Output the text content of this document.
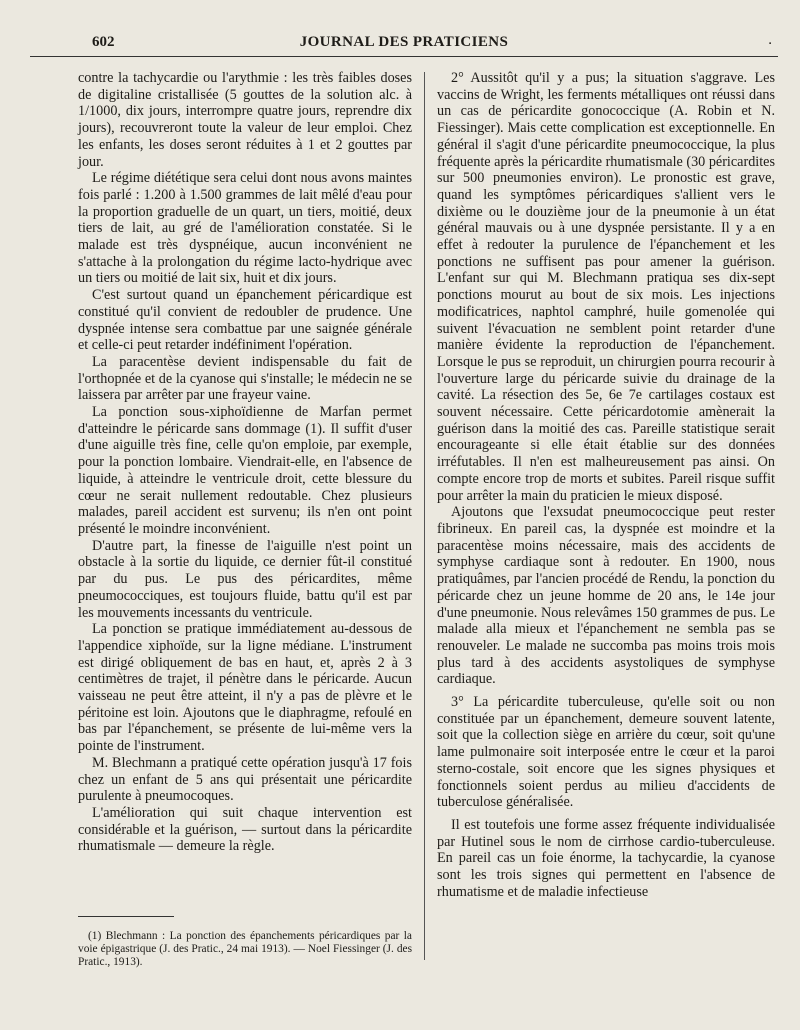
602	JOURNAL DES PRATICIENS	.

contre la tachycardie ou l'arythmie : les très faibles doses de digitaline cristallisée (5 gouttes de la solution alc. à 1/1000, dix jours, interrompre quatre jours, reprendre dix jours), recouvreront toute la valeur de leur emploi. Chez les enfants, les doses seront réduites à 1 et 2 gouttes par jour.

Le régime diététique sera celui dont nous avons maintes fois parlé : 1.200 à 1.500 grammes de lait mêlé d'eau pour la proportion graduelle de un quart, un tiers, moitié, deux tiers de lait, au gré de l'amélioration constatée. Si le malade est très dyspnéique, aucun inconvénient ne s'attache à la prolongation du régime lacto-hydrique avec un tiers ou moitié de lait six, huit et dix jours.

C'est surtout quand un épanchement péricardique est constitué qu'il convient de redoubler de prudence. Une dyspnée intense sera combattue par une saignée générale et celle-ci peut retarder indéfiniment l'opération.

La paracentèse devient indispensable du fait de l'orthopnée et de la cyanose qui s'installe; le médecin ne se laissera par arrêter par une frayeur vaine.

La ponction sous-xiphoïdienne de Marfan permet d'atteindre le péricarde sans dommage (1). Il suffit d'user d'une aiguille très fine, celle qu'on emploie, par exemple, pour la ponction lombaire. Viendrait-elle, en l'absence de liquide, à atteindre le ventricule droit, cette blessure du cœur ne serait nullement redoutable. Chez plusieurs malades, pareil accident est survenu; ils n'en ont point présenté le moindre inconvénient.

D'autre part, la finesse de l'aiguille n'est point un obstacle à la sortie du liquide, ce dernier fût-il constitué par du pus. Le pus des péricardites, même pneumococciques, est toujours fluide, battu qu'il est par les mouvements incessants du ventricule.

La ponction se pratique immédiatement au-dessous de l'appendice xiphoïde, sur la ligne médiane. L'instrument est dirigé obliquement de bas en haut, et, après 2 à 3 centimètres de trajet, il pénètre dans le péricarde. Aucun vaisseau ne peut être atteint, il n'y a pas de plèvre et le péritoine est loin. Ajoutons que le diaphragme, refoulé en bas par l'épanchement, se présente de lui-même vers la pointe de l'instrument.

M. Blechmann a pratiqué cette opération jusqu'à 17 fois chez un enfant de 5 ans qui présentait une péricardite purulente à pneumocoques.

L'amélioration qui suit chaque intervention est considérable et la guérison, — surtout dans la péricardite rhumatismale — demeure la règle.

(1) Blechmann : La ponction des épanchements péricardiques par la voie épigastrique (J. des Pratic., 24 mai 1913). — Noel Fiessinger (J. des Pratic., 1913).

2° Aussitôt qu'il y a pus; la situation s'aggrave. Les vaccins de Wright, les ferments métalliques ont réussi dans un cas de péricardite gonococcique (A. Robin et N. Fiessinger). Mais cette complication est exceptionnelle. En général il s'agit d'une péricardite pneumococcique, la plus fréquente après la péricardite rhumatismale (30 péricardites sur 500 pneumonies environ). Le pronostic est grave, quand les symptômes péricardiques s'allient vers le dixième ou le douzième jour de la pneumonie à un état général mauvais ou à une dyspnée persistante. Il y a en effet à redouter la purulence de l'épanchement et les ponctions ne suffisent pas pour amener la guérison. L'enfant sur qui M. Blechmann pratiqua ses dix-sept ponctions mourut au bout de six mois. Les injections modificatrices, naphtol camphré, huile gomenolée qui suivent l'évacuation ne semblent point retarder d'une manière évidente la reproduction de l'épanchement. Lorsque le pus se reproduit, un chirurgien pourra recourir à l'ouverture large du péricarde suivie du drainage de la cavité. La résection des 5e, 6e 7e cartilages costaux est souvent nécessaire. Cette péricardotomie amènerait la guérison dans la moitié des cas. Pareille statistique serait encourageante si elle était établie sur des données irréfutables. Il n'en est malheureusement pas ainsi. On compte encore trop de morts et subites. Pareil risque suffit pour arrêter la main du praticien le mieux disposé.

Ajoutons que l'exsudat pneumococcique peut rester fibrineux. En pareil cas, la dyspnée est moindre et la paracentèse moins nécessaire, mais des accidents de symphyse cardiaque sont à redouter. En 1900, nous pratiquâmes, par l'ancien procédé de Rendu, la ponction du péricarde chez un jeune homme de 20 ans, le 14e jour d'une pneumonie. Nous relevâmes 150 grammes de pus. Le malade alla mieux et l'épanchement ne sembla pas se renouveler. Le malade ne succomba pas moins trois mois plus tard à des accidents asystoliques de symphyse cardiaque.

3° La péricardite tuberculeuse, qu'elle soit ou non constituée par un épanchement, demeure souvent latente, soit que la collection siège en arrière du cœur, soit qu'une lame pulmonaire soit interposée entre le cœur et la paroi sterno-costale, soit encore que les signes physiques et fonctionnels soient perdus au milieu d'accidents de tuberculose généralisée.

Il est toutefois une forme assez fréquente individualisée par Hutinel sous le nom de cirrhose cardio-tuberculeuse. En pareil cas un foie énorme, la tachycardie, la cyanose sont les trois signes qui permettent en l'absence de rhumatisme et de maladie infectieuse
